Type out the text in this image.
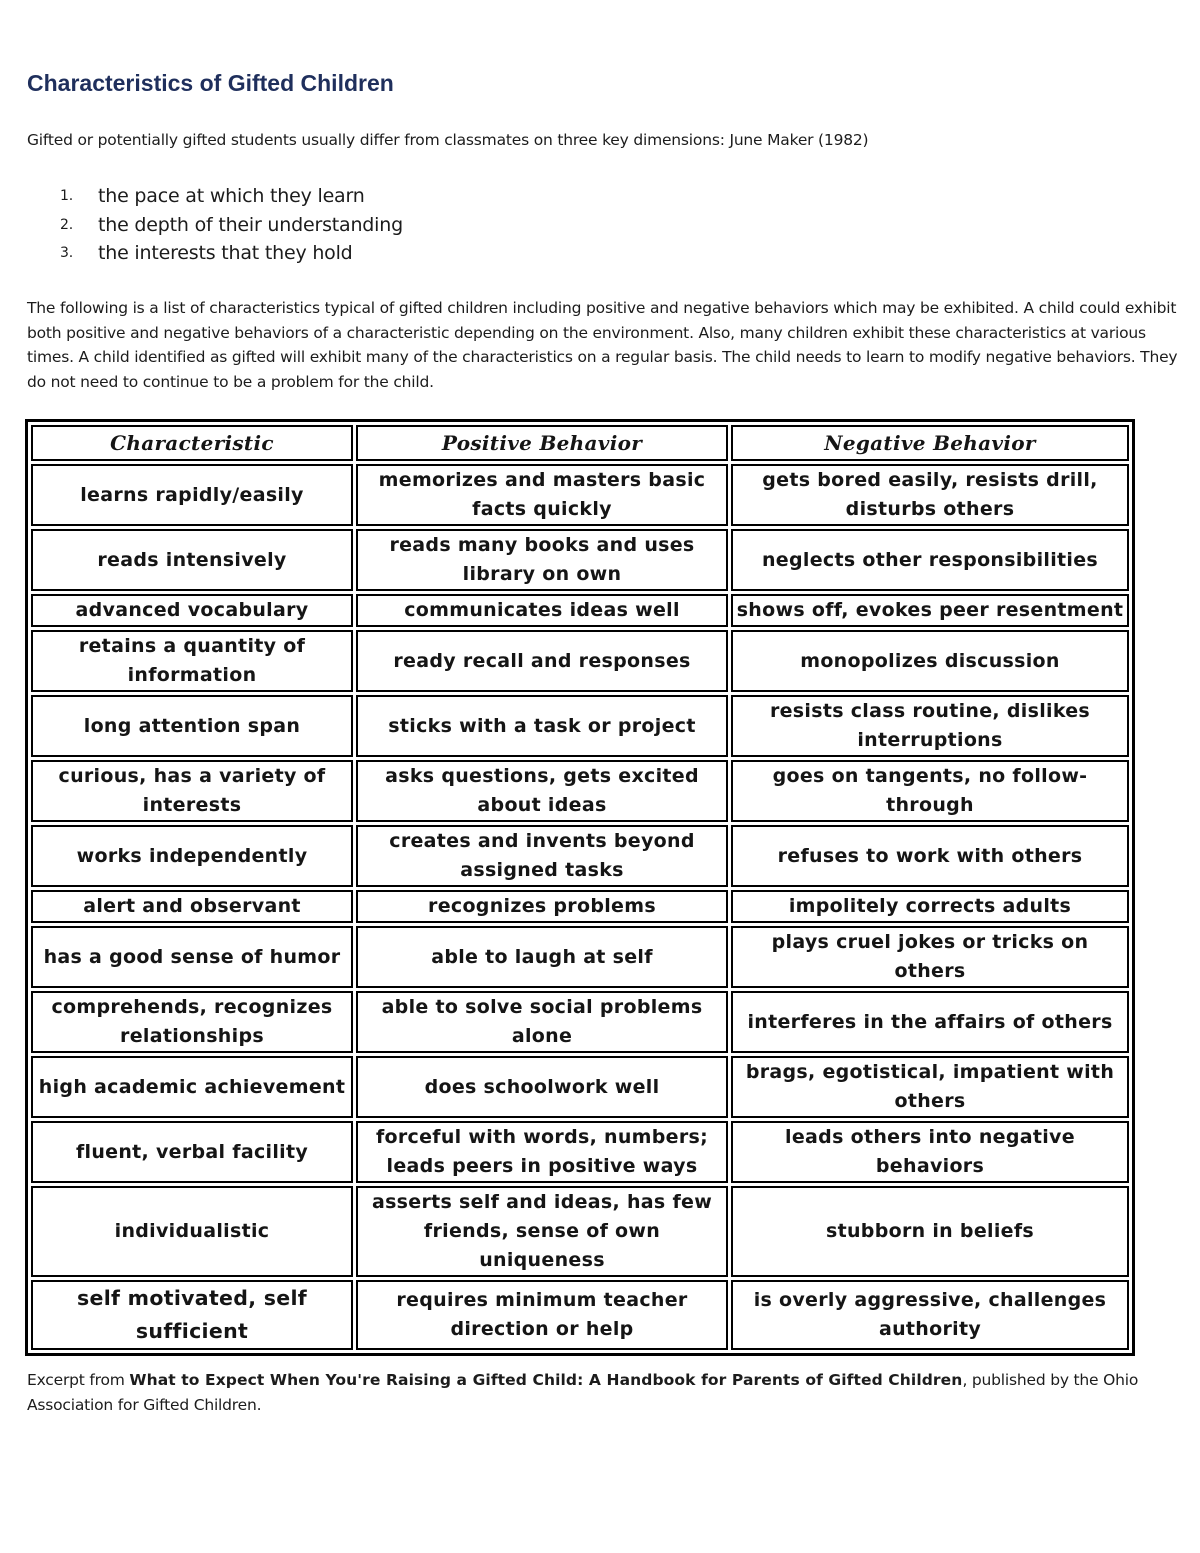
Characteristics of Gifted Children
Gifted or potentially gifted students usually differ from classmates on three key dimensions: June Maker (1982)
1. the pace at which they learn
2. the depth of their understanding
3. the interests that they hold
The following is a list of characteristics typical of gifted children including positive and negative behaviors which may be exhibited. A child could exhibit both positive and negative behaviors of a characteristic depending on the environment. Also, many children exhibit these characteristics at various times. A child identified as gifted will exhibit many of the characteristics on a regular basis. The child needs to learn to modify negative behaviors. They do not need to continue to be a problem for the child.
Characteristic	Positive Behavior	Negative Behavior
learns rapidly/easily	memorizes and masters basic facts quickly	gets bored easily, resists drill, disturbs others
reads intensively	reads many books and uses library on own	neglects other responsibilities
advanced vocabulary	communicates ideas well	shows off, evokes peer resentment
retains a quantity of information	ready recall and responses	monopolizes discussion
long attention span	sticks with a task or project	resists class routine, dislikes interruptions
curious, has a variety of interests	asks questions, gets excited about ideas	goes on tangents, no follow-through
works independently	creates and invents beyond assigned tasks	refuses to work with others
alert and observant	recognizes problems	impolitely corrects adults
has a good sense of humor	able to laugh at self	plays cruel jokes or tricks on others
comprehends, recognizes relationships	able to solve social problems alone	interferes in the affairs of others
high academic achievement	does schoolwork well	brags, egotistical, impatient with others
fluent, verbal facility	forceful with words, numbers; leads peers in positive ways	leads others into negative behaviors
individualistic	asserts self and ideas, has few friends, sense of own uniqueness	stubborn in beliefs
self motivated, self sufficient	requires minimum teacher direction or help	is overly aggressive, challenges authority
Excerpt from What to Expect When You're Raising a Gifted Child: A Handbook for Parents of Gifted Children, published by the Ohio Association for Gifted Children.
